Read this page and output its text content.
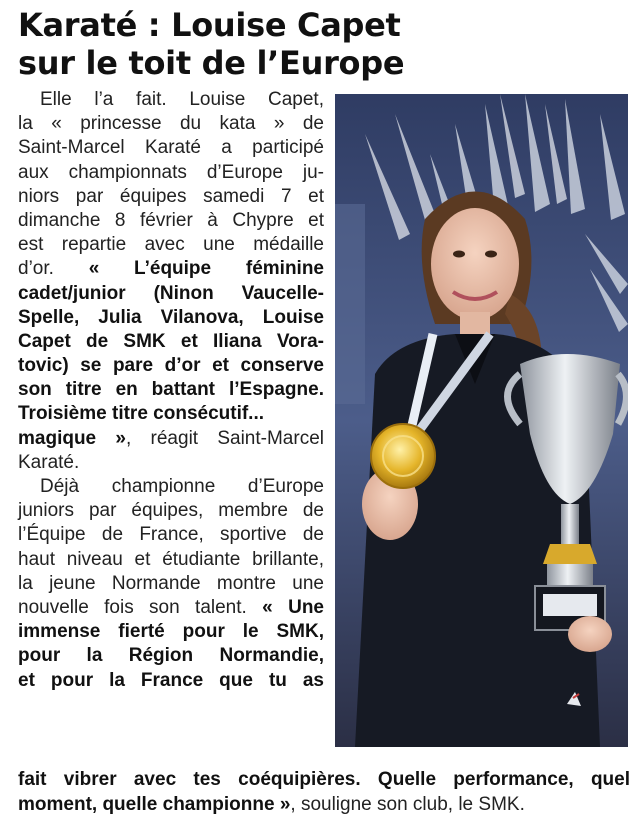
Karaté : Louise Capet
sur le toit de l’Europe
Elle l’a fait. Louise Capet,
la « princesse du kata » de
Saint-Marcel Karaté a participé
aux championnats d’Europe ju-
niors par équipes samedi 7 et
dimanche 8 février à Chypre et
est repartie avec une médaille
d’or. « L’équipe féminine
cadet/junior (Ninon Vaucelle-
Spelle, Julia Vilanova, Louise
Capet de SMK et Iliana Vora-
tovic) se pare d’or et conserve
son titre en battant l’Espagne.
Troisième titre consécutif...
magique », réagit Saint-Marcel
Karaté.
Déjà championne d’Europe
juniors par équipes, membre de
l’Équipe de France, sportive de
haut niveau et étudiante brillante,
la jeune Normande montre une
nouvelle fois son talent. « Une
immense fierté pour le SMK,
pour la Région Normandie,
et pour la France que tu as
fait vibrer avec tes coéquipières. Quelle performance, quel
moment, quelle championne », souligne son club, le SMK.
